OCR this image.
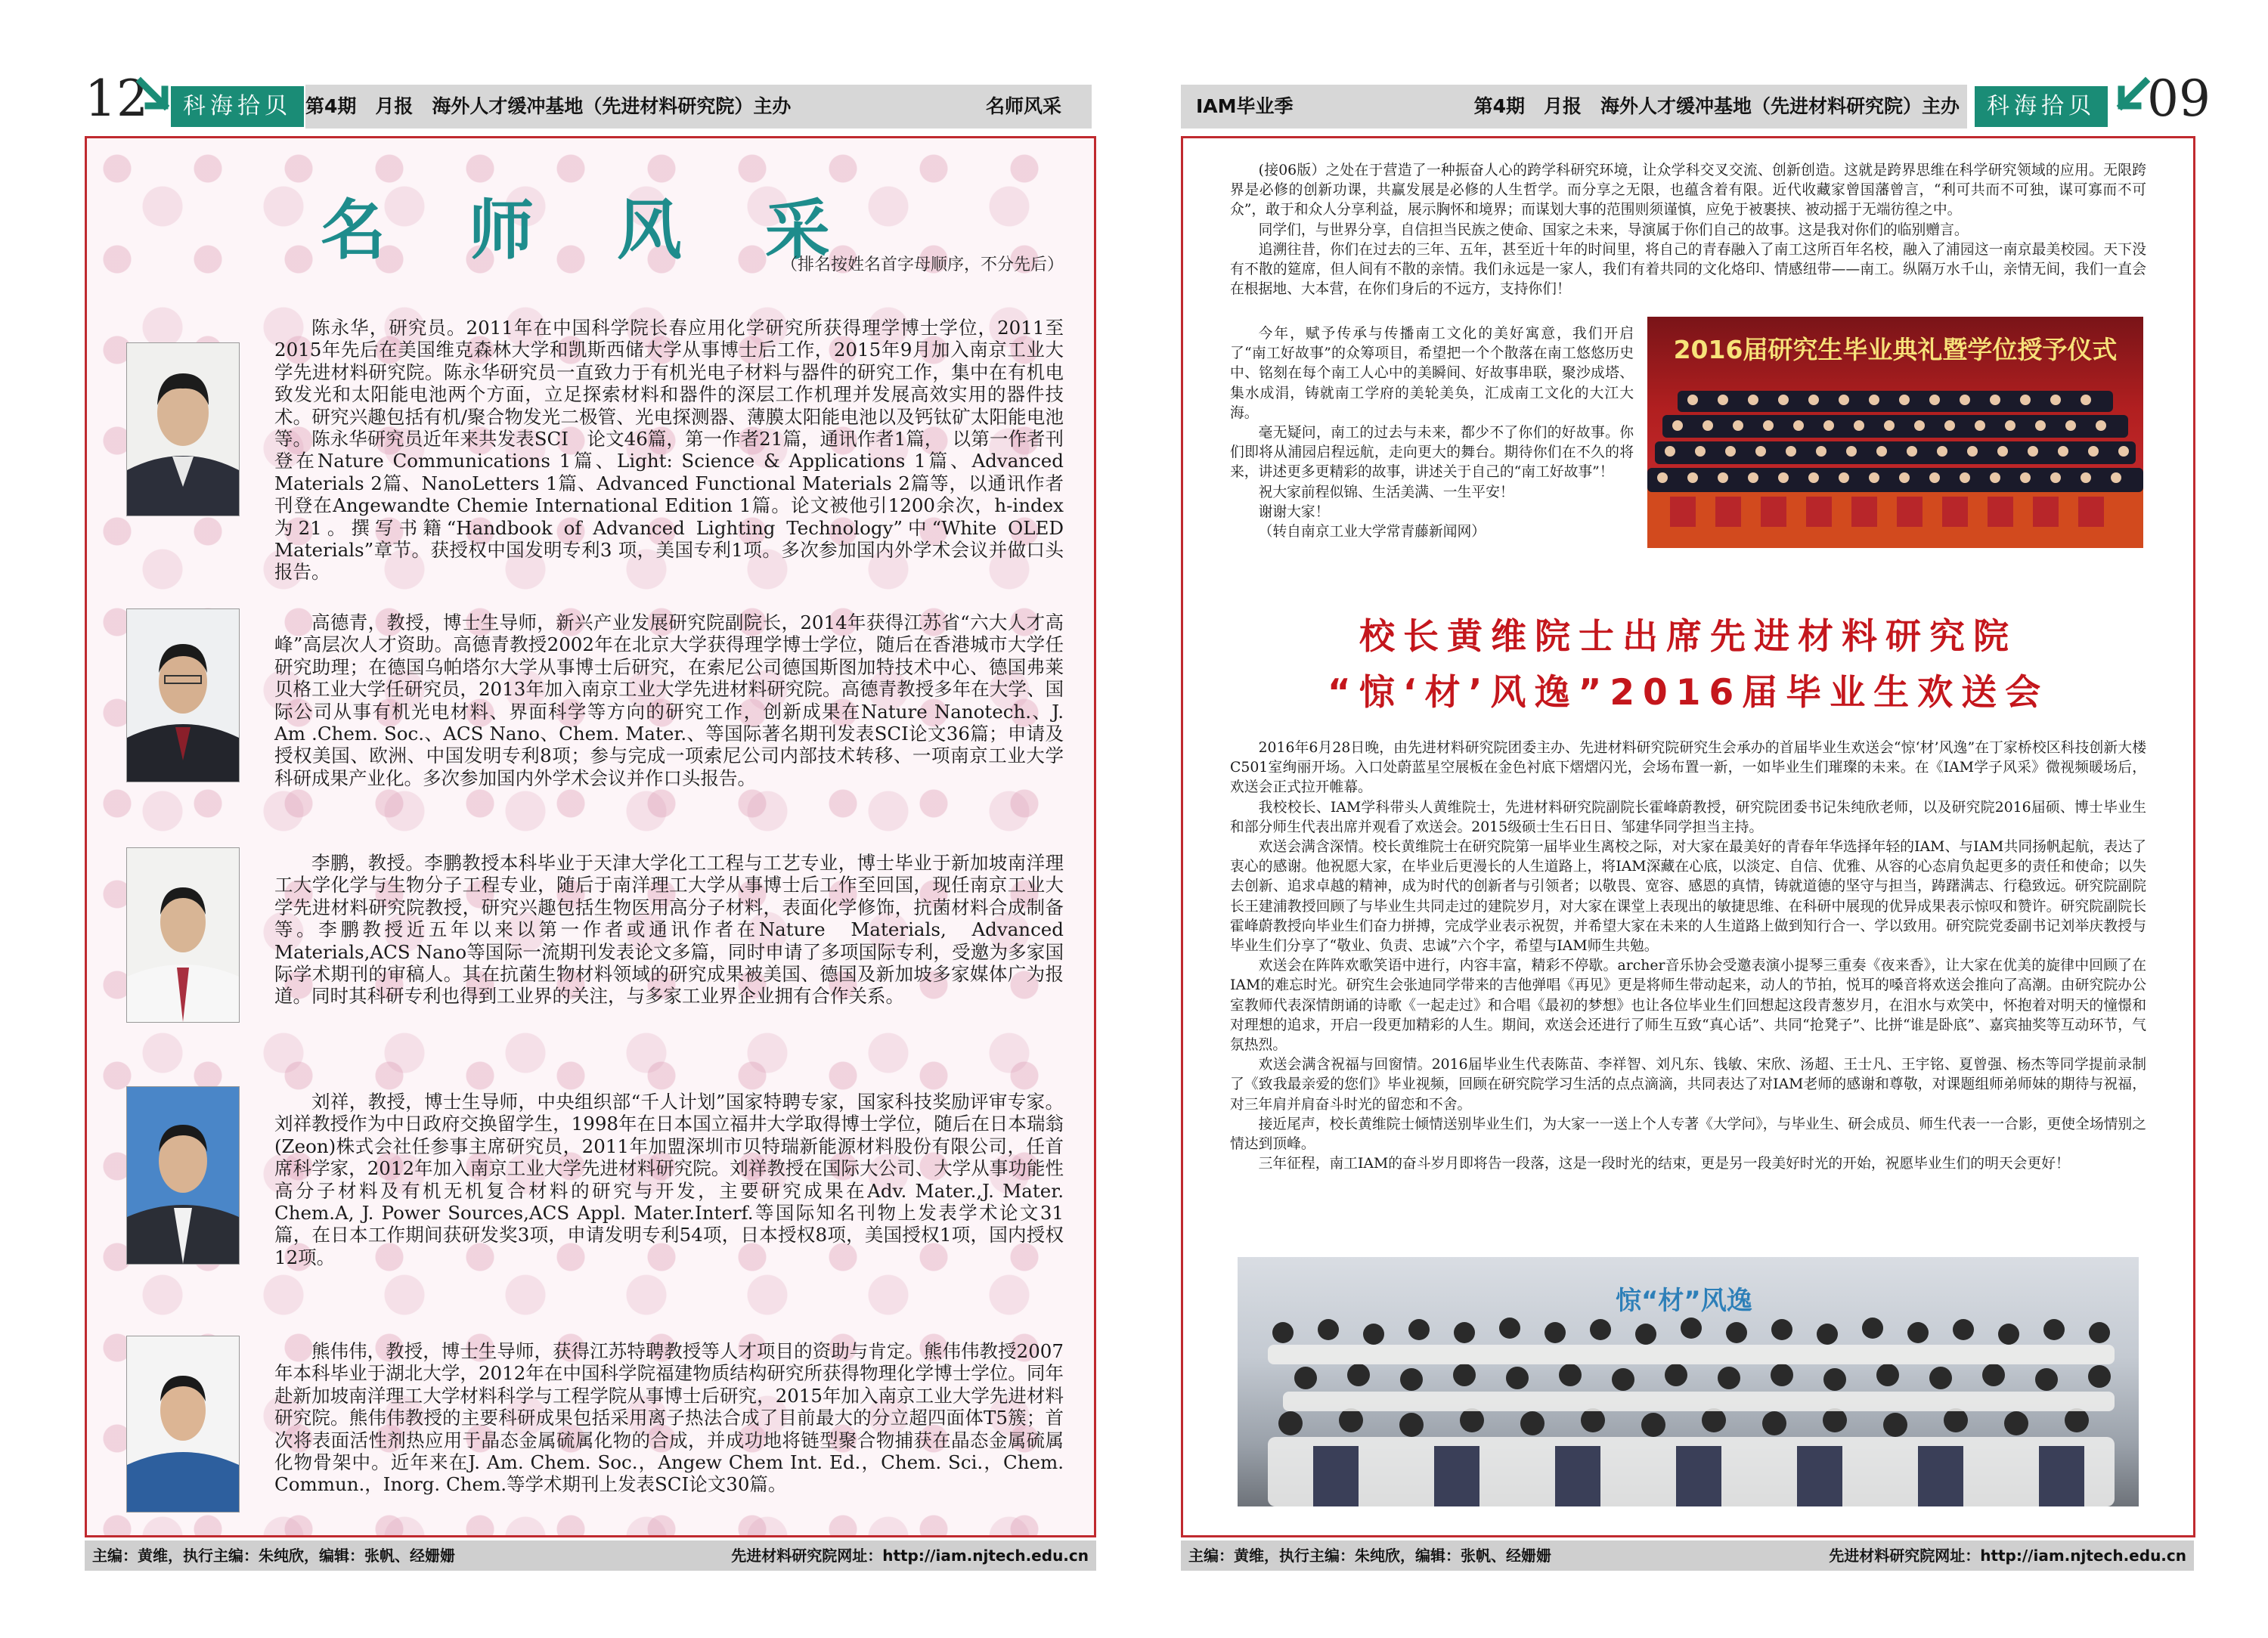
12	科海拾贝 第4期　月报　海外人才缓冲基地（先进材料研究院）主办	名师风采
名 师 风 采
（排名按姓名首字母顺序，不分先后）
陈永华，研究员。2011年在中国科学院长春应用化学研究所获得理学博士学位，2011至2015年先后在美国维克森林大学和凯斯西储大学从事博士后工作，2015年9月加入南京工业大学先进材料研究院。陈永华研究员一直致力于有机光电子材料与器件的研究工作，集中在有机电致发光和太阳能电池两个方面，立足探索材料和器件的深层工作机理并发展高效实用的器件技术。研究兴趣包括有机/聚合物发光二极管、光电探测器、薄膜太阳能电池以及钙钛矿太阳能电池等。陈永华研究员近年来共发表SCI　论文46篇，第一作者21篇，通讯作者1篇，　以第一作者刊登在Nature Communications 1篇、Light: Science & Applications 1篇、Advanced Materials 2篇、NanoLetters 1篇、Advanced Functional Materials 2篇等，以通讯作者刊登在Angewandte Chemie International Edition 1篇。论文被他引1200余次，h-index 为21。撰写书籍“Handbook of Advanced Lighting Technology”中“White OLED Materials”章节。获授权中国发明专利3 项，美国专利1项。多次参加国内外学术会议并做口头报告。
高德青，教授，博士生导师，新兴产业发展研究院副院长，2014年获得江苏省“六大人才高峰”高层次人才资助。高德青教授2002年在北京大学获得理学博士学位，随后在香港城市大学任研究助理；在德国乌帕塔尔大学从事博士后研究，在索尼公司德国斯图加特技术中心、德国弗莱贝格工业大学任研究员，2013年加入南京工业大学先进材料研究院。高德青教授多年在大学、国际公司从事有机光电材料、界面科学等方向的研究工作，创新成果在Nature Nanotech.、J. Am .Chem. Soc.、ACS Nano、Chem. Mater.、等国际著名期刊发表SCI论文36篇；申请及授权美国、欧洲、中国发明专利8项；参与完成一项索尼公司内部技术转移、一项南京工业大学科研成果产业化。多次参加国内外学术会议并作口头报告。
李鹏，教授。李鹏教授本科毕业于天津大学化工工程与工艺专业，博士毕业于新加坡南洋理工大学化学与生物分子工程专业，随后于南洋理工大学从事博士后工作至回国，现任南京工业大学先进材料研究院教授，研究兴趣包括生物医用高分子材料，表面化学修饰，抗菌材料合成制备等。李鹏教授近五年以来以第一作者或通讯作者在Nature　Materials,　Advanced Materials,ACS Nano等国际一流期刊发表论文多篇，同时申请了多项国际专利，受邀为多家国际学术期刊的审稿人。其在抗菌生物材料领域的研究成果被美国、德国及新加坡多家媒体广为报道。同时其科研专利也得到工业界的关注，与多家工业界企业拥有合作关系。
刘祥，教授，博士生导师，中央组织部“千人计划”国家特聘专家，国家科技奖励评审专家。刘祥教授作为中日政府交换留学生，1998年在日本国立福井大学取得博士学位，随后在日本瑞翁(Zeon)株式会社任参事主席研究员，2011年加盟深圳市贝特瑞新能源材料股份有限公司，任首席科学家，2012年加入南京工业大学先进材料研究院。刘祥教授在国际大公司、大学从事功能性高分子材料及有机无机复合材料的研究与开发，主要研究成果在Adv. Mater.,J. Mater. Chem.A, J. Power Sources,ACS Appl. Mater.Interf.等国际知名刊物上发表学术论文31篇，在日本工作期间获研发奖3项，申请发明专利54项，日本授权8项，美国授权1项，国内授权12项。
熊伟伟，教授，博士生导师，获得江苏特聘教授等人才项目的资助与肯定。熊伟伟教授2007年本科毕业于湖北大学，2012年在中国科学院福建物质结构研究所获得物理化学博士学位。同年赴新加坡南洋理工大学材料科学与工程学院从事博士后研究，2015年加入南京工业大学先进材料研究院。熊伟伟教授的主要科研成果包括采用离子热法合成了目前最大的分立超四面体T5簇；首次将表面活性剂热应用于晶态金属硫属化物的合成，并成功地将链型聚合物捕获在晶态金属硫属化物骨架中。近年来在J. Am. Chem. Soc.，Angew Chem Int. Ed.，Chem. Sci.，Chem. Commun.，Inorg. Chem.等学术期刊上发表SCI论文30篇。
主编：黄维，执行主编：朱纯欣，编辑：张帆、经姗姗	先进材料研究院网址：http://iam.njtech.edu.cn
IAM毕业季	第4期　月报　海外人才缓冲基地（先进材料研究院）主办	科海拾贝 09

(接06版）之处在于营造了一种振奋人心的跨学科研究环境，让众学科交叉交流、创新创造。这就是跨界思维在科学研究领域的应用。无限跨界是必修的创新功课，共赢发展是必修的人生哲学。而分享之无限，也蕴含着有限。近代收藏家曾国藩曾言，“利可共而不可独，谋可寡而不可众”，敢于和众人分享利益，展示胸怀和境界；而谋划大事的范围则须谨慎，应免于被裹挟、被动摇于无端彷徨之中。

同学们，与世界分享，自信担当民族之使命、国家之未来，导演属于你们自己的故事。这是我对你们的临别赠言。

追溯往昔，你们在过去的三年、五年，甚至近十年的时间里，将自己的青春融入了南工这所百年名校，融入了浦园这一南京最美校园。天下没有不散的筵席，但人间有不散的亲情。我们永远是一家人，我们有着共同的文化烙印、情感纽带——南工。纵隔万水千山，亲情无间，我们一直会在根据地、大本营，在你们身后的不远方，支持你们！

今年，赋予传承与传播南工文化的美好寓意，我们开启了“南工好故事”的众筹项目，希望把一个个散落在南工悠悠历史中、铭刻在每个南工人心中的美瞬间、好故事串联，聚沙成塔、集水成涓，铸就南工学府的美轮美奂，汇成南工文化的大江大海。

毫无疑问，南工的过去与未来，都少不了你们的好故事。你们即将从浦园启程远航，走向更大的舞台。期待你们在不久的将来，讲述更多更精彩的故事，讲述关于自己的“南工好故事”！

祝大家前程似锦、生活美满、一生平安！

谢谢大家！

（转自南京工业大学常青藤新闻网）

2016届研究生毕业典礼暨学位授予仪式
校长黄维院士出席先进材料研究院
“惊‘材’风逸”2016届毕业生欢送会

2016年6月28日晚，由先进材料研究院团委主办、先进材料研究院研究生会承办的首届毕业生欢送会“惊‘材’风逸”在丁家桥校区科技创新大楼C501室绚丽开场。入口处蔚蓝星空展板在金色衬底下熠熠闪光，会场布置一新，一如毕业生们璀璨的未来。在《IAM学子风采》微视频暖场后，欢送会正式拉开帷幕。

我校校长、IAM学科带头人黄维院士，先进材料研究院副院长霍峰蔚教授，研究院团委书记朱纯欣老师，以及研究院2016届硕、博士毕业生和部分师生代表出席并观看了欢送会。2015级硕士生石日日、邹建华同学担当主持。

欢送会满含深情。校长黄维院士在研究院第一届毕业生离校之际，对大家在最美好的青春年华选择年轻的IAM、与IAM共同扬帆起航，表达了衷心的感谢。他祝愿大家，在毕业后更漫长的人生道路上，将IAM深藏在心底，以淡定、自信、优雅、从容的心态肩负起更多的责任和使命；以失去创新、追求卓越的精神，成为时代的创新者与引领者；以敬畏、宽容、感恩的真情，铸就道德的坚守与担当，踌躇满志、行稳致远。研究院副院长王建浦教授回顾了与毕业生共同走过的建院岁月，对大家在课堂上表现出的敏捷思维、在科研中展现的优异成果表示惊叹和赞许。研究院副院长霍峰蔚教授向毕业生们奋力拼搏，完成学业表示祝贺，并希望大家在未来的人生道路上做到知行合一、学以致用。研究院党委副书记刘举庆教授与毕业生们分享了“敬业、负责、忠诚”六个字，希望与IAM师生共勉。

欢送会在阵阵欢歌笑语中进行，内容丰富，精彩不停歇。archer音乐协会受邀表演小提琴三重奏《夜来香》，让大家在优美的旋律中回顾了在IAM的难忘时光。研究生会张迪同学带来的吉他弹唱《再见》更是将师生带动起来，动人的节拍，悦耳的嗓音将欢送会推向了高潮。由研究院办公室教师代表深情朗诵的诗歌《一起走过》和合唱《最初的梦想》也让各位毕业生们回想起这段青葱岁月，在泪水与欢笑中，怀抱着对明天的憧憬和对理想的追求，开启一段更加精彩的人生。期间，欢送会还进行了师生互致“真心话”、共同“抢凳子”、比拼“谁是卧底”、嘉宾抽奖等互动环节，气氛热烈。

欢送会满含祝福与回窗情。2016届毕业生代表陈苗、李祥智、刘凡东、钱敏、宋欣、汤超、王士凡、王宇铭、夏曾强、杨杰等同学提前录制了《致我最亲爱的您们》毕业视频，回顾在研究院学习生活的点点滴滴，共同表达了对IAM老师的感谢和尊敬，对课题组师弟师妹的期待与祝福，对三年肩并肩奋斗时光的留恋和不舍。

接近尾声，校长黄维院士倾情送别毕业生们，为大家一一送上个人专著《大学问》，与毕业生、研会成员、师生代表一一合影，更使全场情别之情达到顶峰。

三年征程，南工IAM的奋斗岁月即将告一段落，这是一段时光的结束，更是另一段美好时光的开始，祝愿毕业生们的明天会更好！

惊“材”风逸
主编：黄维，执行主编：朱纯欣，编辑：张帆、经姗姗	先进材料研究院网址：http://iam.njtech.edu.cn
